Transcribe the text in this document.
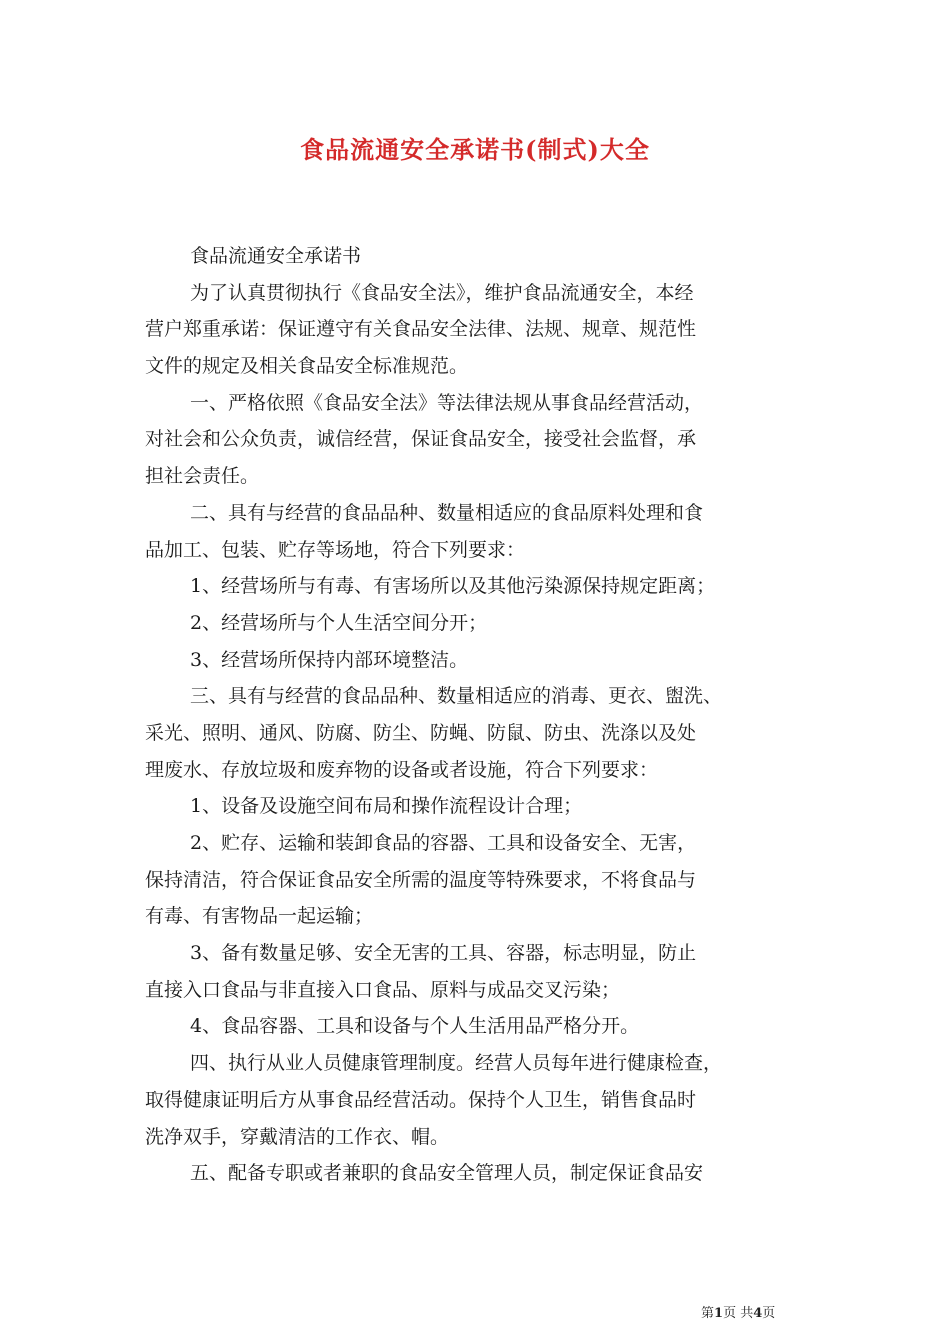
食品流通安全承诺书(制式)大全
食品流通安全承诺书
为了认真贯彻执行《食品安全法》，维护食品流通安全，本经
营户郑重承诺：保证遵守有关食品安全法律、法规、规章、规范性
文件的规定及相关食品安全标准规范。
一、严格依照《食品安全法》等法律法规从事食品经营活动，
对社会和公众负责，诚信经营，保证食品安全，接受社会监督，承
担社会责任。
二、具有与经营的食品品种、数量相适应的食品原料处理和食
品加工、包装、贮存等场地，符合下列要求：
1、经营场所与有毒、有害场所以及其他污染源保持规定距离；
2、经营场所与个人生活空间分开；
3、经营场所保持内部环境整洁。
三、具有与经营的食品品种、数量相适应的消毒、更衣、盥洗、
采光、照明、通风、防腐、防尘、防蝇、防鼠、防虫、洗涤以及处
理废水、存放垃圾和废弃物的设备或者设施，符合下列要求：
1、设备及设施空间布局和操作流程设计合理；
2、贮存、运输和装卸食品的容器、工具和设备安全、无害，
保持清洁，符合保证食品安全所需的温度等特殊要求，不将食品与
有毒、有害物品一起运输；
3、备有数量足够、安全无害的工具、容器，标志明显，防止
直接入口食品与非直接入口食品、原料与成品交叉污染；
4、食品容器、工具和设备与个人生活用品严格分开。
四、执行从业人员健康管理制度。经营人员每年进行健康检查，
取得健康证明后方从事食品经营活动。保持个人卫生，销售食品时
洗净双手，穿戴清洁的工作衣、帽。
五、配备专职或者兼职的食品安全管理人员，制定保证食品安
第1页 共4页
